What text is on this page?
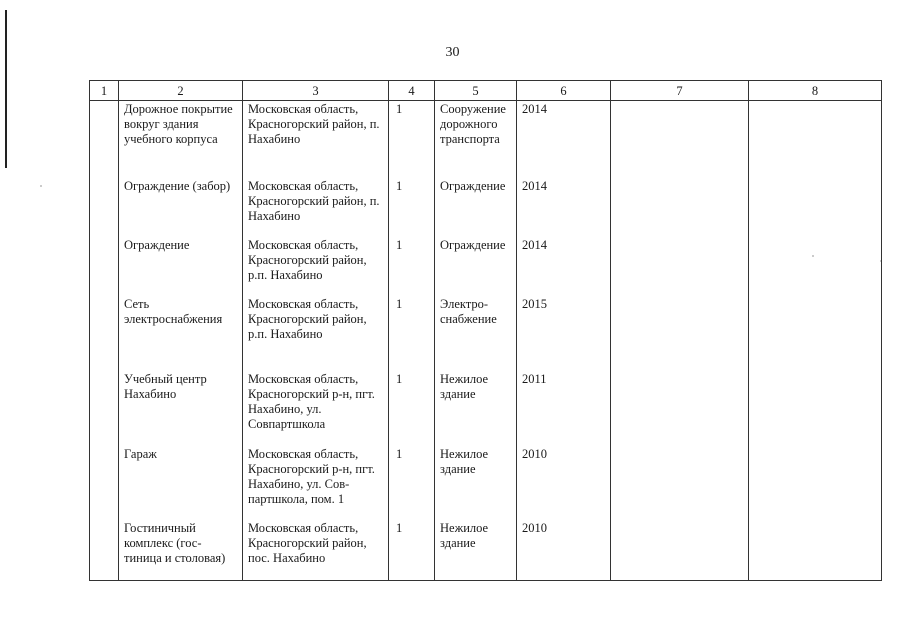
30
1	2	3	4	5	6	7	8
	Дорожное покрытие вокруг здания учебного корпуса	Московская область, Красногорский район, п. Нахабино	1	Сооружение дорожного транспорта	2014		
	Ограждение (забор)	Московская область, Красногорский район, п. Нахабино	1	Ограждение	2014		
	Ограждение	Московская область, Красногорский район, р.п. Нахабино	1	Ограждение	2014		
	Сеть электроснабжения	Московская область, Красногорский район, р.п. Нахабино	1	Электро-снабжение	2015		
	Учебный центр Нахабино	Московская область, Красногорский р-н, пгт. Нахабино, ул. Совпартшкола	1	Нежилое здание	2011		
	Гараж	Московская область, Красногорский р-н, пгт. Нахабино, ул. Сов-партшкола, пом. 1	1	Нежилое здание	2010		
	Гостиничный комплекс (гос-тиница и столовая)	Московская область, Красногорский район, пос. Нахабино	1	Нежилое здание	2010		
